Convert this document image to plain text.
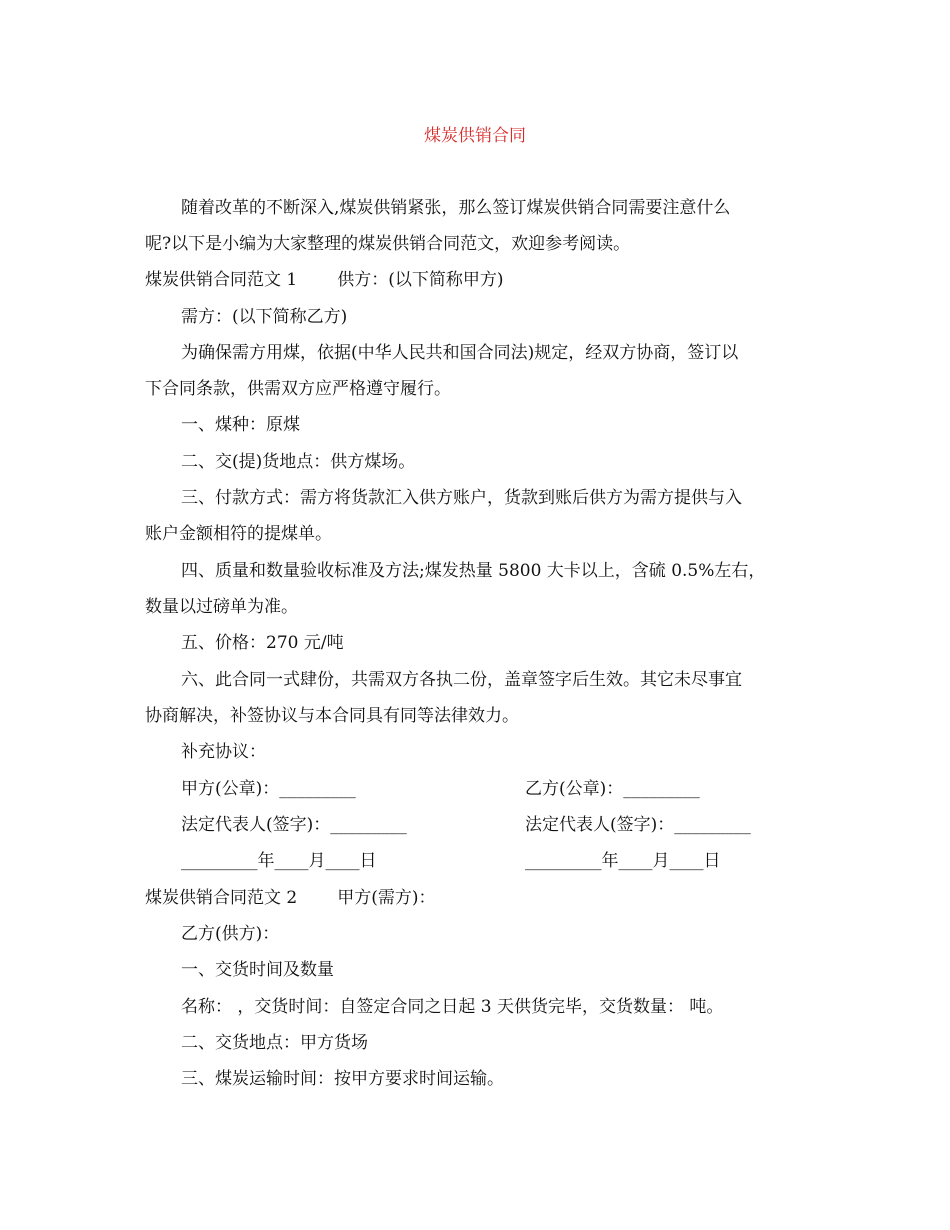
煤炭供销合同
随着改革的不断深入,煤炭供销紧张，那么签订煤炭供销合同需要注意什么
呢?以下是小编为大家整理的煤炭供销合同范文，欢迎参考阅读。
煤炭供销合同范文 1 供方：(以下简称甲方)
需方：(以下简称乙方)
为确保需方用煤，依据(中华人民共和国合同法)规定，经双方协商，签订以
下合同条款，供需双方应严格遵守履行。
一、煤种：原煤
二、交(提)货地点：供方煤场。
三、付款方式：需方将货款汇入供方账户，货款到账后供方为需方提供与入
账户金额相符的提煤单。
四、质量和数量验收标准及方法;煤发热量 5800 大卡以上，含硫 0.5%左右，
数量以过磅单为准。
五、价格：270 元/吨
六、此合同一式肆份，共需双方各执二份，盖章签字后生效。其它未尽事宜
协商解决，补签协议与本合同具有同等法律效力。
补充协议：
甲方(公章)：_________	乙方(公章)：_________
法定代表人(签字)：_________	法定代表人(签字)：_________
_________年____月____日	_________年____月____日
煤炭供销合同范文 2 甲方(需方)：
乙方(供方)：
一、交货时间及数量
名称： ，交货时间：自签定合同之日起 3 天供货完毕，交货数量： 吨。
二、交货地点：甲方货场
三、煤炭运输时间：按甲方要求时间运输。
